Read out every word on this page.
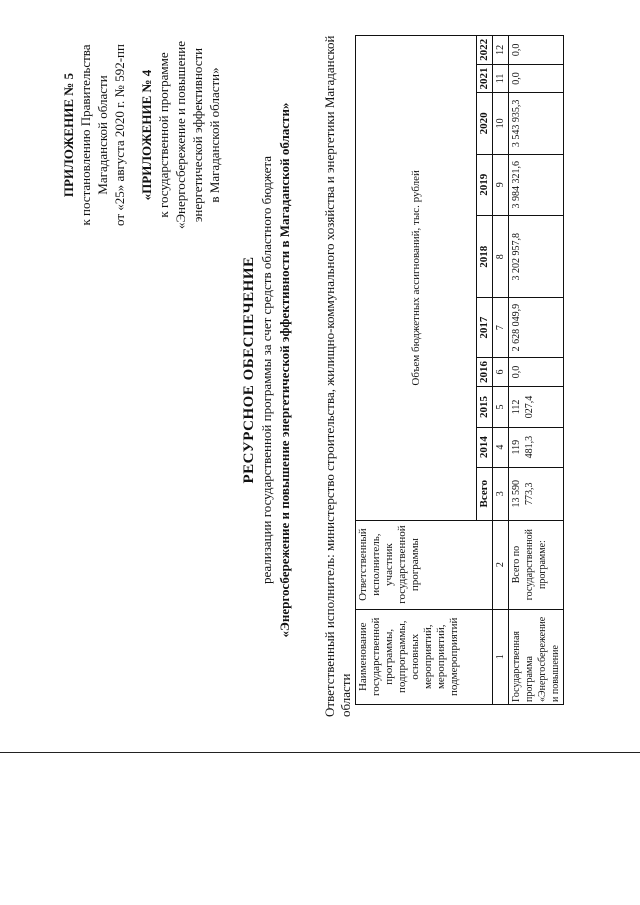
ПРИЛОЖЕНИЕ № 5 к постановлению Правительства Магаданской области от «25» августа 2020 г. № 592-пп «ПРИЛОЖЕНИЕ № 4 к государственной программе «Энергосбережение и повышение энергетической эффективности в Магаданской области»
РЕСУРСНОЕ ОБЕСПЕЧЕНИЕ реализации государственной программы за счет средств областного бюджета «Энергосбережение и повышение энергетической эффективности в Магаданской области» Ответственный исполнитель: министерство строительства, жилищно-коммунального хозяйства и энергетики Магаданской области
Наименование государственной программы, подпрограммы, основных мероприятий, мероприятий, подмероприятий	Ответственный исполнитель, участник государственной программы	Объем бюджетных ассигнований, тыс. рублей									
		Всего	2014	2015	2016	2017	2018	2019	2020	2021	2022
1	2	3	4	5	6	7	8	9	10	11	12
Государственная программа «Энергосбережение и повышение	Всего по государственной программе:	13 590 773,3	119 481,3	112 027,4	0,0	2 628 049,9	3 202 957,8	3 984 321,6	3 543 935,3	0,0	0,0
